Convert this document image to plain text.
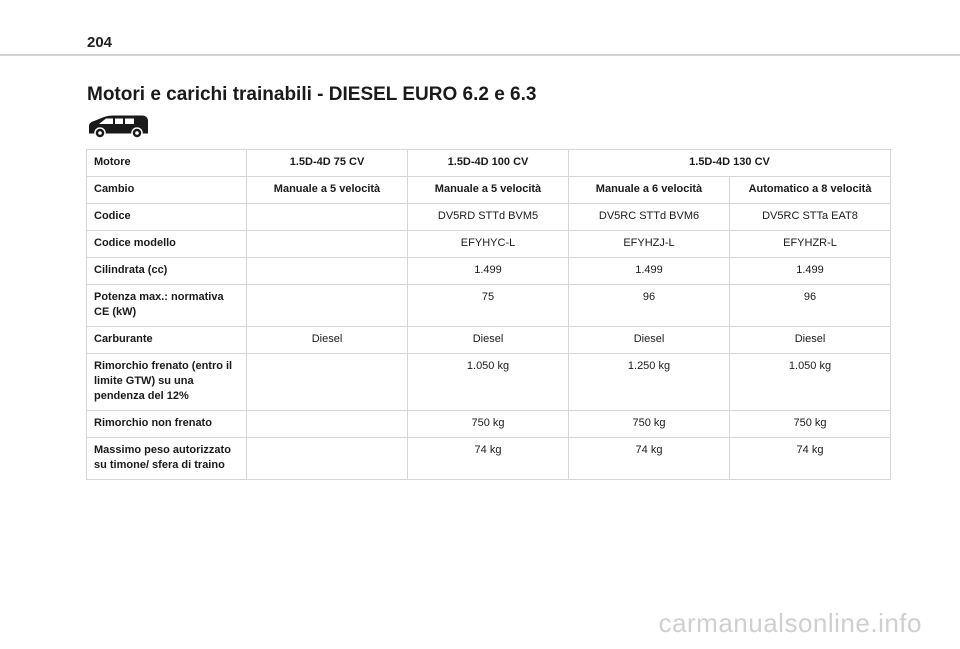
204
Motori e carichi trainabili - DIESEL EURO 6.2 e 6.3
Motore	1.5D-4D 75 CV	1.5D-4D 100 CV	1.5D-4D 130 CV	
Cambio	Manuale a 5 velocità	Manuale a 5 velocità	Manuale a 6 velocità	Automatico a 8 velocità
Codice		DV5RD STTd BVM5	DV5RC STTd BVM6	DV5RC STTa EAT8
Codice modello		EFYHYC-L	EFYHZJ-L	EFYHZR-L
Cilindrata (cc)		1.499	1.499	1.499
Potenza max.: normativa CE (kW)		75	96	96
Carburante	Diesel	Diesel	Diesel	Diesel
Rimorchio frenato (entro il limite GTW) su una pendenza del 12%		1.050 kg	1.250 kg	1.050 kg
Rimorchio non frenato		750 kg	750 kg	750 kg
Massimo peso autorizzato su timone/ sfera di traino		74 kg	74 kg	74 kg
carmanualsonline.info
